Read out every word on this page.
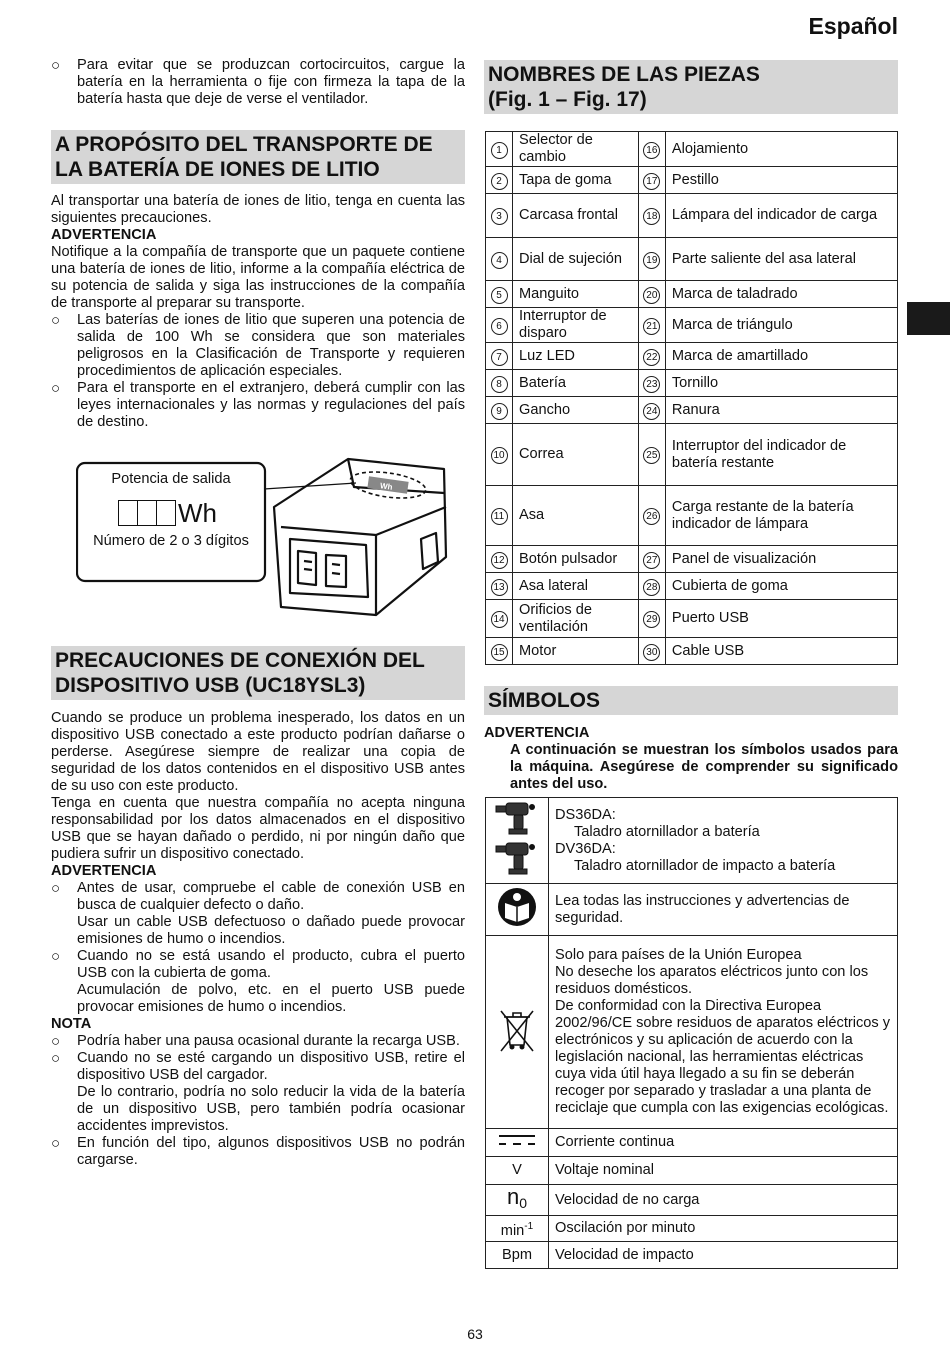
Español
○	Para evitar que se produzcan cortocircuitos, cargue la batería en la herramienta o fije con firmeza la tapa de la batería hasta que deje de verse el ventilador.
A PROPÓSITO DEL TRANSPORTE DE LA BATERÍA DE IONES DE LITIO

Al transportar una batería de iones de litio, tenga en cuenta las siguientes precauciones.

ADVERTENCIA

Notifique a la compañía de transporte que un paquete contiene una batería de iones de litio, informe a la compañía eléctrica de su potencia de salida y siga las instrucciones de la compañía de transporte al preparar su transporte.

○	Las baterías de iones de litio que superen una potencia de salida de 100 Wh se considera que son materiales peligrosos en la Clasificación de Transporte y requieren procedimientos de aplicación especiales.
○	Para el transporte en el extranjero, deberá cumplir con las leyes internacionales y las normas y regulaciones del país de destino.
Potencia de salida
Wh
Número de 2 o 3 dígitos
Wh
PRECAUCIONES DE CONEXIÓN DEL DISPOSITIVO USB (UC18YSL3)

Cuando se produce un problema inesperado, los datos en un dispositivo USB conectado a este producto podrían dañarse o perderse. Asegúrese siempre de realizar una copia de seguridad de los datos contenidos en el dispositivo USB antes de su uso con este producto.

Tenga en cuenta que nuestra compañía no acepta ninguna responsabilidad por los datos almacenados en el dispositivo USB que se hayan dañado o perdido, ni por ningún daño que pudiera sufrir un dispositivo conectado.

ADVERTENCIA
○	Antes de usar, compruebe el cable de conexión USB en busca de cualquier defecto o daño.

Usar un cable USB defectuoso o dañado puede provocar emisiones de humo o incendios.

○	Cuando no se está usando el producto, cubra el puerto USB con la cubierta de goma.

Acumulación de polvo, etc. en el puerto USB puede provocar emisiones de humo o incendios.

NOTA
○	Podría haber una pausa ocasional durante la recarga USB.
○	Cuando no se esté cargando un dispositivo USB, retire el dispositivo USB del cargador.

De lo contrario, podría no solo reducir la vida de la batería de un dispositivo USB, pero también podría ocasionar accidentes imprevistos.

○	En función del tipo, algunos dispositivos USB no podrán cargarse.
NOMBRES DE LAS PIEZAS
(Fig. 1 – Fig. 17)
1	Selector de cambio	16	Alojamiento
2	Tapa de goma	17	Pestillo
3	Carcasa frontal	18	Lámpara del indicador de carga
4	Dial de sujeción	19	Parte saliente del asa lateral
5	Manguito	20	Marca de taladrado
6	Interruptor de disparo	21	Marca de triángulo
7	Luz LED	22	Marca de amartillado
8	Batería	23	Tornillo
9	Gancho	24	Ranura
10	Correa	25	Interruptor del indicador de batería restante
11	Asa	26	Carga restante de la batería indicador de lámpara
12	Botón pulsador	27	Panel de visualización
13	Asa lateral	28	Cubierta de goma
14	Orificios de ventilación	29	Puerto USB
15	Motor	30	Cable USB
SÍMBOLOS
ADVERTENCIA

A continuación se muestran los símbolos usados para la máquina. Asegúrese de comprender su significado antes del uso.

DS36DA:
Taladro atornillador a batería
DV36DA:
Taladro atornillador de impacto a batería

	Lea todas las instrucciones y advertencias de seguridad.

Solo para países de la Unión Europea
No deseche los aparatos eléctricos junto con los residuos domésticos.
De conformidad con la Directiva Europea 2002/96/CE sobre residuos de aparatos eléctricos y electrónicos y su aplicación de acuerdo con la legislación nacional, las herramientas eléctricas cuya vida útil haya llegado a su fin se deberán recoger por separado y trasladar a una planta de reciclaje que cumpla con las exigencias ecológicas.

	Corriente continua
V	Voltaje nominal
$n_0$	Velocidad de no carga
$\min^{-1}$	Oscilación por minuto
Bpm	Velocidad de impacto
63
